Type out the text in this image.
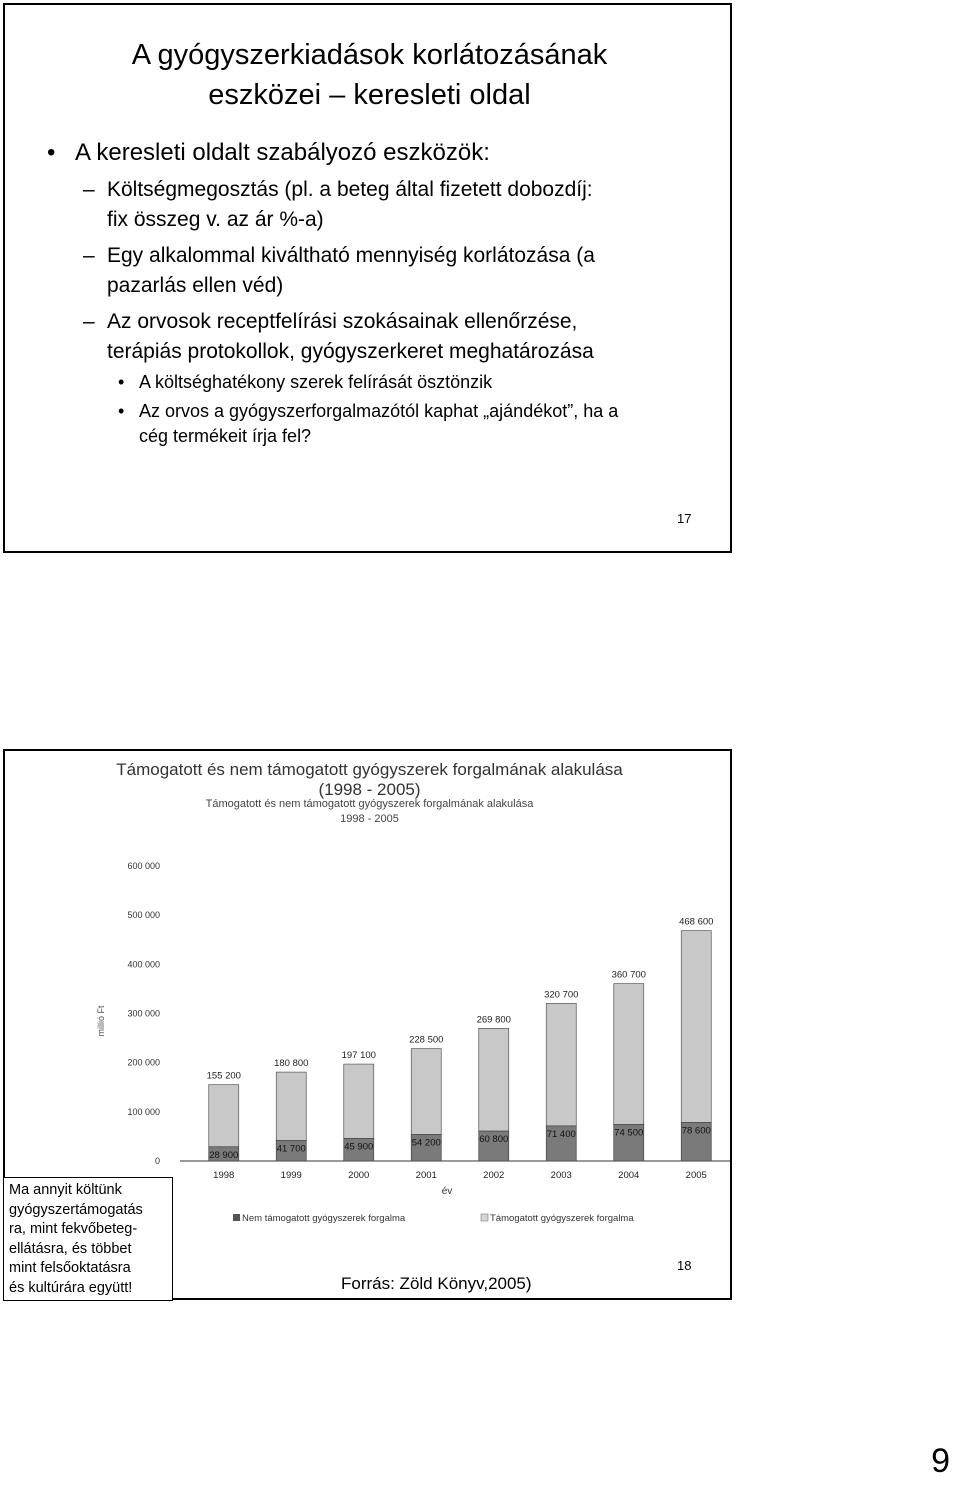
A gyógyszerkiadások korlátozásának
eszközei – keresleti oldal
• A keresleti oldalt szabályozó eszközök:
– Költségmegosztás (pl. a beteg által fizetett dobozdíj:
fix összeg v. az ár %-a)
– Egy alkalommal kiváltható mennyiség korlátozása (a
pazarlás ellen véd)
– Az orvosok receptfelírási szokásainak ellenőrzése,
terápiás protokollok, gyógyszerkeret meghatározása
• A költséghatékony szerek felírását ösztönzik
• Az orvos a gyógyszerforgalmazótól kaphat „ajándékot”, ha a
cég termékeit írja fel?
17
Támogatott és nem támogatott gyógyszerek forgalmának alakulása
(1998 - 2005)
Támogatott és nem támogatott gyógyszerek forgalmának alakulása
1998 - 2005
0
100 000
200 000
300 000
400 000
500 000
600 000
155 200
28 900
1998
180 800
41 700
1999
197 100
45 900
2000
228 500
54 200
2001
269 800
60 800
2002
320 700
71 400
2003
360 700
74 500
2004
468 600
78 600
2005
millió Ft
év
Nem támogatott gyógyszerek forgalma	Támogatott gyógyszerek forgalma
Ma annyit költünk
gyógyszertámogatás
ra, mint fekvőbeteg-
ellátásra, és többet
mint felsőoktatásra
és kultúrára együtt!	Forrás: Zöld Könyv,2005)
18
9
